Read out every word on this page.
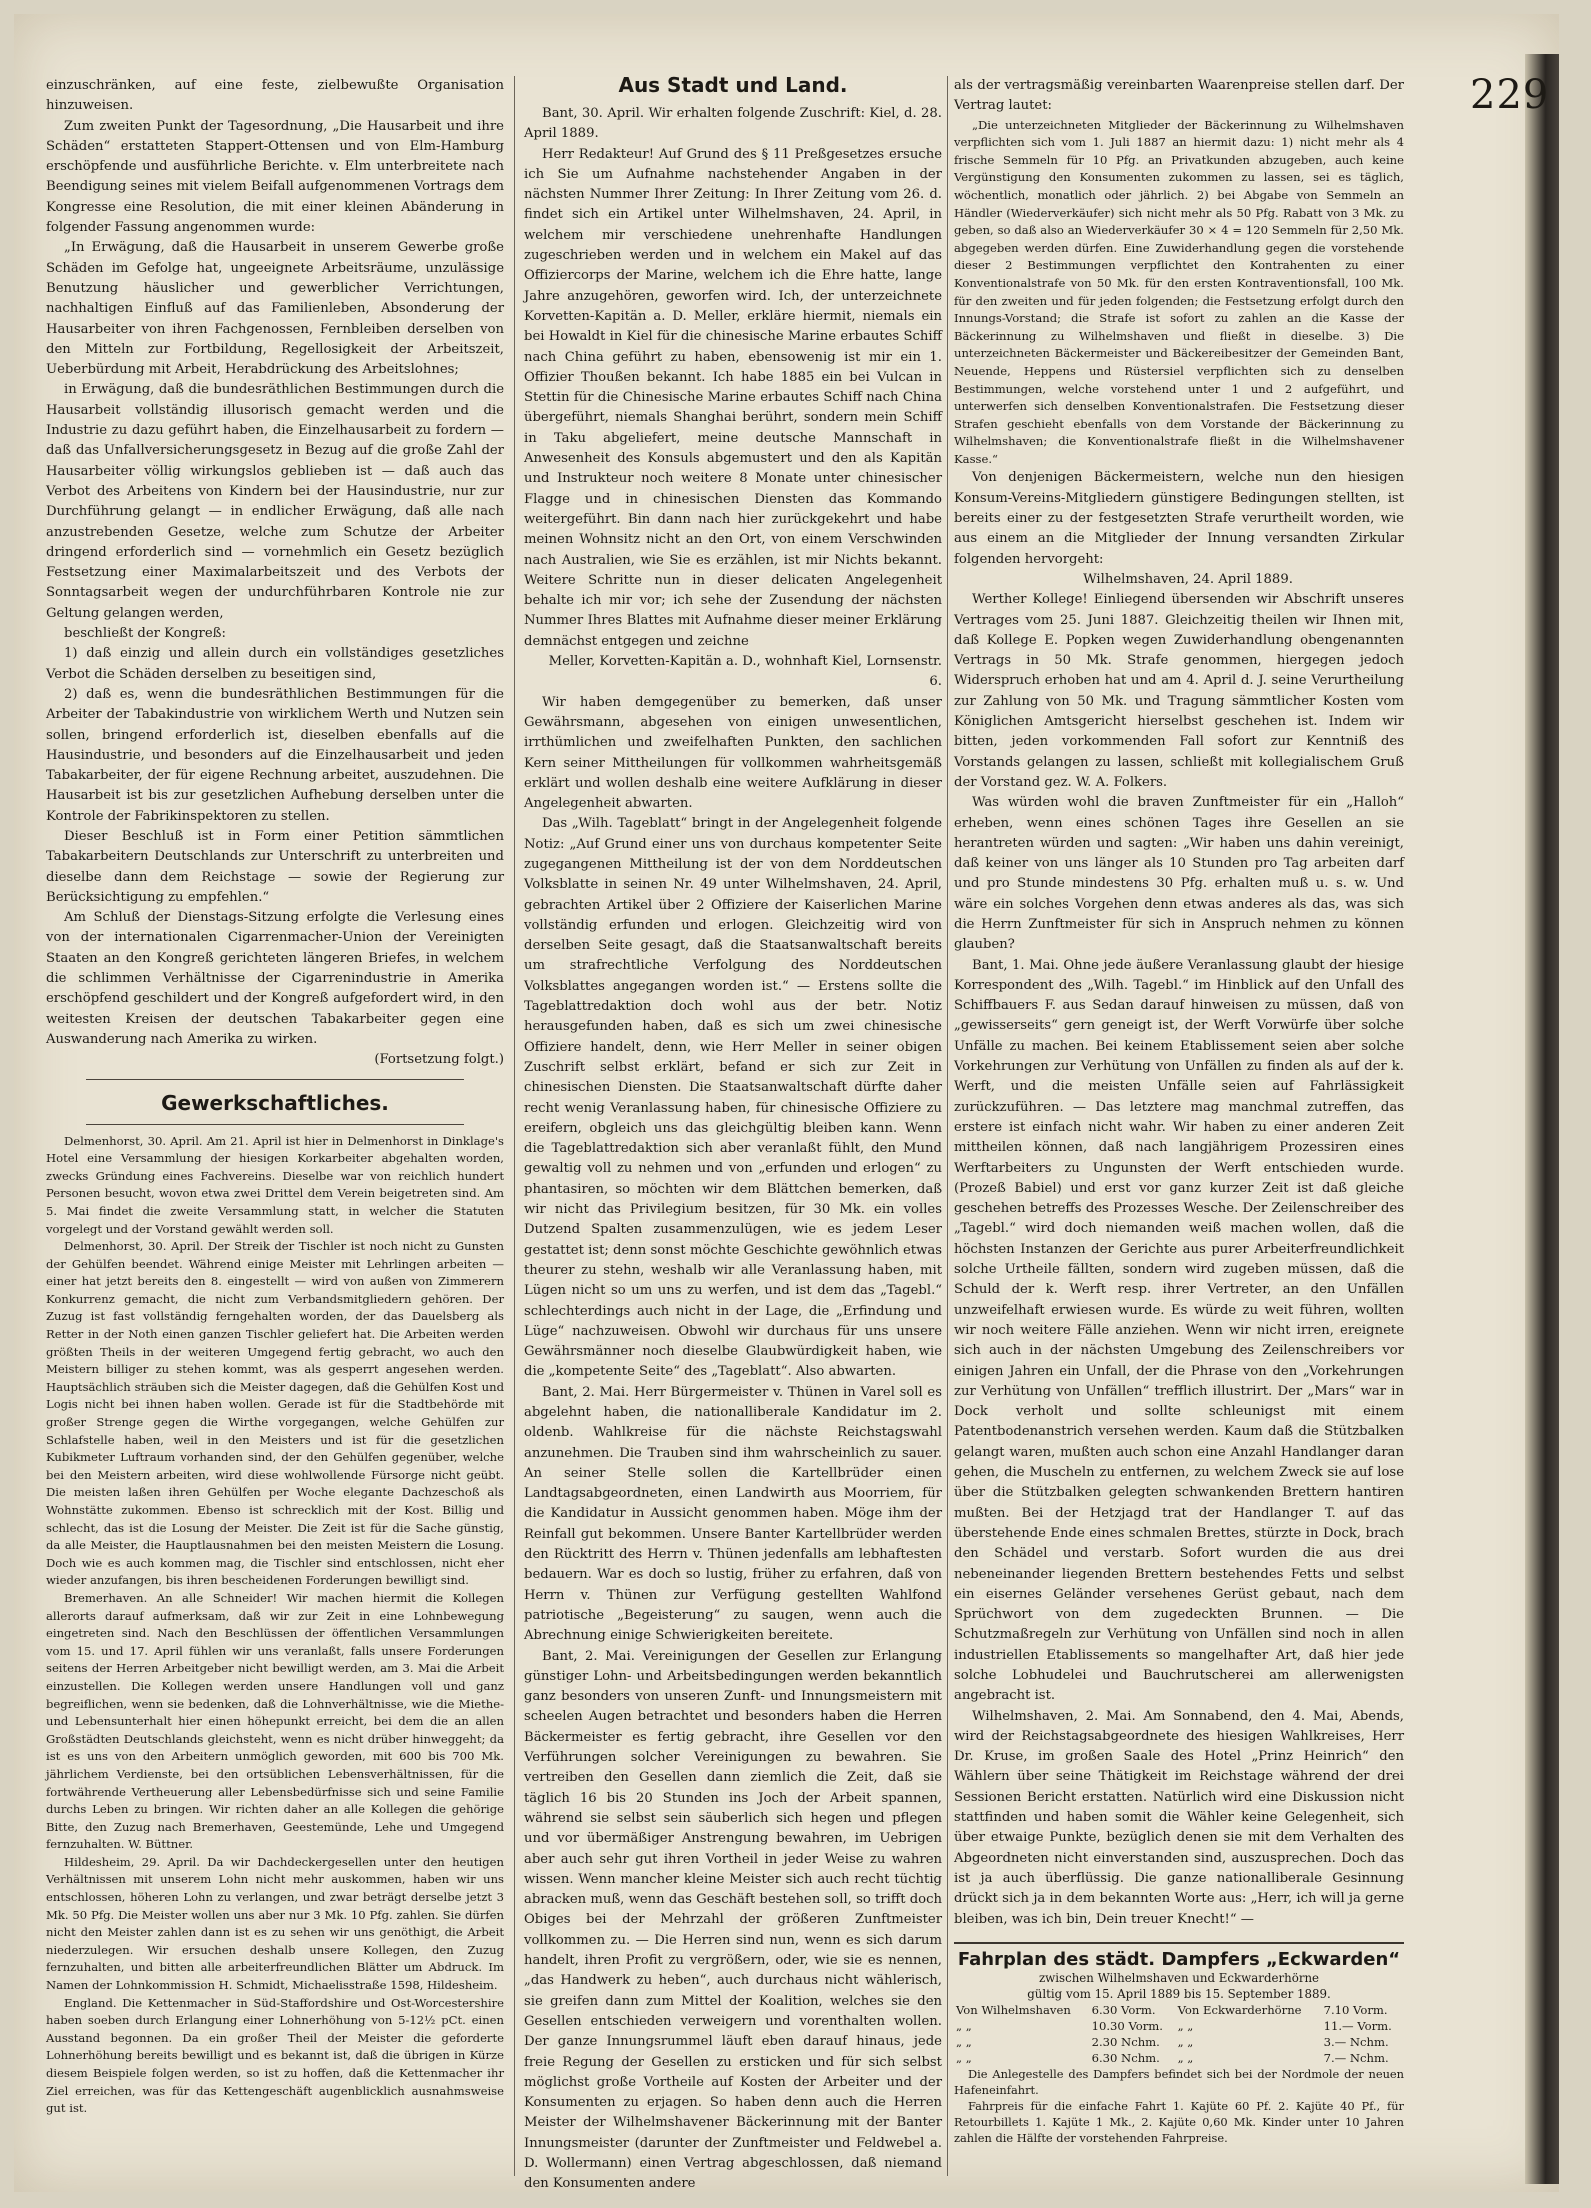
229

einzuschränken, auf eine feste, zielbewußte Organisation hinzuweisen.

Zum zweiten Punkt der Tagesordnung, „Die Hausarbeit und ihre Schäden“ erstatteten Stappert-Ottensen und von Elm-Hamburg erschöpfende und ausführliche Berichte. v. Elm unterbreitete nach Beendigung seines mit vielem Beifall aufgenommenen Vortrags dem Kongresse eine Resolution, die mit einer kleinen Abänderung in folgender Fassung angenommen wurde:

„In Erwägung, daß die Hausarbeit in unserem Gewerbe große Schäden im Gefolge hat, ungeeignete Arbeitsräume, unzulässige Benutzung häuslicher und gewerblicher Verrichtungen, nachhaltigen Einfluß auf das Familienleben, Absonderung der Hausarbeiter von ihren Fachgenossen, Fernbleiben derselben von den Mitteln zur Fortbildung, Regellosigkeit der Arbeitszeit, Ueberbürdung mit Arbeit, Herabdrückung des Arbeitslohnes;

in Erwägung, daß die bundesräthlichen Bestimmungen durch die Hausarbeit vollständig illusorisch gemacht werden und die Industrie zu dazu geführt haben, die Einzelhausarbeit zu fordern — daß das Unfallversicherungsgesetz in Bezug auf die große Zahl der Hausarbeiter völlig wirkungslos geblieben ist — daß auch das Verbot des Arbeitens von Kindern bei der Hausindustrie, nur zur Durchführung gelangt — in endlicher Erwägung, daß alle nach anzustrebenden Gesetze, welche zum Schutze der Arbeiter dringend erforderlich sind — vornehmlich ein Gesetz bezüglich Festsetzung einer Maximalarbeitszeit und des Verbots der Sonntagsarbeit wegen der undurchführbaren Kontrole nie zur Geltung gelangen werden,

beschließt der Kongreß:

1) daß einzig und allein durch ein vollständiges gesetzliches Verbot die Schäden derselben zu beseitigen sind,

2) daß es, wenn die bundesräthlichen Bestimmungen für die Arbeiter der Tabakindustrie von wirklichem Werth und Nutzen sein sollen, bringend erforderlich ist, dieselben ebenfalls auf die Hausindustrie, und besonders auf die Einzelhausarbeit und jeden Tabakarbeiter, der für eigene Rechnung arbeitet, auszudehnen. Die Hausarbeit ist bis zur gesetzlichen Aufhebung derselben unter die Kontrole der Fabrikinspektoren zu stellen.

Dieser Beschluß ist in Form einer Petition sämmtlichen Tabakarbeitern Deutschlands zur Unterschrift zu unterbreiten und dieselbe dann dem Reichstage — sowie der Regierung zur Berücksichtigung zu empfehlen.“

Am Schluß der Dienstags-Sitzung erfolgte die Verlesung eines von der internationalen Cigarrenmacher-Union der Vereinigten Staaten an den Kongreß gerichteten längeren Briefes, in welchem die schlimmen Verhältnisse der Cigarrenindustrie in Amerika erschöpfend geschildert und der Kongreß aufgefordert wird, in den weitesten Kreisen der deutschen Tabakarbeiter gegen eine Auswanderung nach Amerika zu wirken.

(Fortsetzung folgt.)

Gewerkschaftliches.

Delmenhorst, 30. April. Am 21. April ist hier in Delmenhorst in Dinklage's Hotel eine Versammlung der hiesigen Korkarbeiter abgehalten worden, zwecks Gründung eines Fachvereins. Dieselbe war von reichlich hundert Personen besucht, wovon etwa zwei Drittel dem Verein beigetreten sind. Am 5. Mai findet die zweite Versammlung statt, in welcher die Statuten vorgelegt und der Vorstand gewählt werden soll.

Delmenhorst, 30. April. Der Streik der Tischler ist noch nicht zu Gunsten der Gehülfen beendet. Während einige Meister mit Lehrlingen arbeiten — einer hat jetzt bereits den 8. eingestellt — wird von außen von Zimmerern Konkurrenz gemacht, die nicht zum Verbandsmitgliedern gehören. Der Zuzug ist fast vollständig ferngehalten worden, der das Dauelsberg als Retter in der Noth einen ganzen Tischler geliefert hat. Die Arbeiten werden größten Theils in der weiteren Umgegend fertig gebracht, wo auch den Meistern billiger zu stehen kommt, was als gesperrt angesehen werden. Hauptsächlich sträuben sich die Meister dagegen, daß die Gehülfen Kost und Logis nicht bei ihnen haben wollen. Gerade ist für die Stadtbehörde mit großer Strenge gegen die Wirthe vorgegangen, welche Gehülfen zur Schlafstelle haben, weil in den Meisters und ist für die gesetzlichen Kubikmeter Luftraum vorhanden sind, der den Gehülfen gegenüber, welche bei den Meistern arbeiten, wird diese wohlwollende Fürsorge nicht geübt. Die meisten laßen ihren Gehülfen per Woche elegante Dachzeschoß als Wohnstätte zukommen. Ebenso ist schrecklich mit der Kost. Billig und schlecht, das ist die Losung der Meister. Die Zeit ist für die Sache günstig, da alle Meister, die Hauptlausnahmen bei den meisten Meistern die Losung. Doch wie es auch kommen mag, die Tischler sind entschlossen, nicht eher wieder anzufangen, bis ihren bescheidenen Forderungen bewilligt sind.

Bremerhaven. An alle Schneider! Wir machen hiermit die Kollegen allerorts darauf aufmerksam, daß wir zur Zeit in eine Lohnbewegung eingetreten sind. Nach den Beschlüssen der öffentlichen Versammlungen vom 15. und 17. April fühlen wir uns veranlaßt, falls unsere Forderungen seitens der Herren Arbeitgeber nicht bewilligt werden, am 3. Mai die Arbeit einzustellen. Die Kollegen werden unsere Handlungen voll und ganz begreiflichen, wenn sie bedenken, daß die Lohnverhältnisse, wie die Miethe- und Lebensunterhalt hier einen höhepunkt erreicht, bei dem die an allen Großstädten Deutschlands gleichsteht, wenn es nicht drüber hinweggeht; da ist es uns von den Arbeitern unmöglich geworden, mit 600 bis 700 Mk. jährlichem Verdienste, bei den ortsüblichen Lebensverhältnissen, für die fortwährende Vertheuerung aller Lebensbedürfnisse sich und seine Familie durchs Leben zu bringen. Wir richten daher an alle Kollegen die gehörige Bitte, den Zuzug nach Bremerhaven, Geestemünde, Lehe und Umgegend fernzuhalten. W. Büttner.

Hildesheim, 29. April. Da wir Dachdeckergesellen unter den heutigen Verhältnissen mit unserem Lohn nicht mehr auskommen, haben wir uns entschlossen, höheren Lohn zu verlangen, und zwar beträgt derselbe jetzt 3 Mk. 50 Pfg. Die Meister wollen uns aber nur 3 Mk. 10 Pfg. zahlen. Sie dürfen nicht den Meister zahlen dann ist es zu sehen wir uns genöthigt, die Arbeit niederzulegen. Wir ersuchen deshalb unsere Kollegen, den Zuzug fernzuhalten, und bitten alle arbeiterfreundlichen Blätter um Abdruck. Im Namen der Lohnkommission H. Schmidt, Michaelisstraße 1598, Hildesheim.

England. Die Kettenmacher in Süd-Staffordshire und Ost-Worcestershire haben soeben durch Erlangung einer Lohnerhöhung von 5-12½ pCt. einen Ausstand begonnen. Da ein großer Theil der Meister die geforderte Lohnerhöhung bereits bewilligt und es bekannt ist, daß die übrigen in Kürze diesem Beispiele folgen werden, so ist zu hoffen, daß die Kettenmacher ihr Ziel erreichen, was für das Kettengeschäft augenblicklich ausnahmsweise gut ist.

Aus Stadt und Land.

Bant, 30. April. Wir erhalten folgende Zuschrift: Kiel, d. 28. April 1889.

Herr Redakteur! Auf Grund des § 11 Preßgesetzes ersuche ich Sie um Aufnahme nachstehender Angaben in der nächsten Nummer Ihrer Zeitung: In Ihrer Zeitung vom 26. d. findet sich ein Artikel unter Wilhelmshaven, 24. April, in welchem mir verschiedene unehrenhafte Handlungen zugeschrieben werden und in welchem ein Makel auf das Offiziercorps der Marine, welchem ich die Ehre hatte, lange Jahre anzugehören, geworfen wird. Ich, der unterzeichnete Korvetten-Kapitän a. D. Meller, erkläre hiermit, niemals ein bei Howaldt in Kiel für die chinesische Marine erbautes Schiff nach China geführt zu haben, ebensowenig ist mir ein 1. Offizier Thoußen bekannt. Ich habe 1885 ein bei Vulcan in Stettin für die Chinesische Marine erbautes Schiff nach China übergeführt, niemals Shanghai berührt, sondern mein Schiff in Taku abgeliefert, meine deutsche Mannschaft in Anwesenheit des Konsuls abgemustert und den als Kapitän und Instrukteur noch weitere 8 Monate unter chinesischer Flagge und in chinesischen Diensten das Kommando weitergeführt. Bin dann nach hier zurückgekehrt und habe meinen Wohnsitz nicht an den Ort, von einem Verschwinden nach Australien, wie Sie es erzählen, ist mir Nichts bekannt. Weitere Schritte nun in dieser delicaten Angelegenheit behalte ich mir vor; ich sehe der Zusendung der nächsten Nummer Ihres Blattes mit Aufnahme dieser meiner Erklärung demnächst entgegen und zeichne

Meller, Korvetten-Kapitän a. D., wohnhaft Kiel, Lornsenstr. 6.

Wir haben demgegenüber zu bemerken, daß unser Gewährsmann, abgesehen von einigen unwesentlichen, irrthümlichen und zweifelhaften Punkten, den sachlichen Kern seiner Mittheilungen für vollkommen wahrheitsgemäß erklärt und wollen deshalb eine weitere Aufklärung in dieser Angelegenheit abwarten.

Das „Wilh. Tageblatt“ bringt in der Angelegenheit folgende Notiz: „Auf Grund einer uns von durchaus kompetenter Seite zugegangenen Mittheilung ist der von dem Norddeutschen Volksblatte in seinen Nr. 49 unter Wilhelmshaven, 24. April, gebrachten Artikel über 2 Offiziere der Kaiserlichen Marine vollständig erfunden und erlogen. Gleichzeitig wird von derselben Seite gesagt, daß die Staatsanwaltschaft bereits um strafrechtliche Verfolgung des Norddeutschen Volksblattes angegangen worden ist.“ — Erstens sollte die Tageblattredaktion doch wohl aus der betr. Notiz herausgefunden haben, daß es sich um zwei chinesische Offiziere handelt, denn, wie Herr Meller in seiner obigen Zuschrift selbst erklärt, befand er sich zur Zeit in chinesischen Diensten. Die Staatsanwaltschaft dürfte daher recht wenig Veranlassung haben, für chinesische Offiziere zu ereifern, obgleich uns das gleichgültig bleiben kann. Wenn die Tageblattredaktion sich aber veranlaßt fühlt, den Mund gewaltig voll zu nehmen und von „erfunden und erlogen“ zu phantasiren, so möchten wir dem Blättchen bemerken, daß wir nicht das Privilegium besitzen, für 30 Mk. ein volles Dutzend Spalten zusammenzulügen, wie es jedem Leser gestattet ist; denn sonst möchte Geschichte gewöhnlich etwas theurer zu stehn, weshalb wir alle Veranlassung haben, mit Lügen nicht so um uns zu werfen, und ist dem das „Tagebl.“ schlechterdings auch nicht in der Lage, die „Erfindung und Lüge“ nachzuweisen. Obwohl wir durchaus für uns unsere Gewährsmänner noch dieselbe Glaubwürdigkeit haben, wie die „kompetente Seite“ des „Tageblatt“. Also abwarten.

Bant, 2. Mai. Herr Bürgermeister v. Thünen in Varel soll es abgelehnt haben, die nationalliberale Kandidatur im 2. oldenb. Wahlkreise für die nächste Reichstagswahl anzunehmen. Die Trauben sind ihm wahrscheinlich zu sauer. An seiner Stelle sollen die Kartellbrüder einen Landtagsabgeordneten, einen Landwirth aus Moorriem, für die Kandidatur in Aussicht genommen haben. Möge ihm der Reinfall gut bekommen. Unsere Banter Kartellbrüder werden den Rücktritt des Herrn v. Thünen jedenfalls am lebhaftesten bedauern. War es doch so lustig, früher zu erfahren, daß von Herrn v. Thünen zur Verfügung gestellten Wahlfond patriotische „Begeisterung“ zu saugen, wenn auch die Abrechnung einige Schwierigkeiten bereitete.

Bant, 2. Mai. Vereinigungen der Gesellen zur Erlangung günstiger Lohn- und Arbeitsbedingungen werden bekanntlich ganz besonders von unseren Zunft- und Innungsmeistern mit scheelen Augen betrachtet und besonders haben die Herren Bäckermeister es fertig gebracht, ihre Gesellen vor den Verführungen solcher Vereinigungen zu bewahren. Sie vertreiben den Gesellen dann ziemlich die Zeit, daß sie täglich 16 bis 20 Stunden ins Joch der Arbeit spannen, während sie selbst sein säuberlich sich hegen und pflegen und vor übermäßiger Anstrengung bewahren, im Uebrigen aber auch sehr gut ihren Vortheil in jeder Weise zu wahren wissen. Wenn mancher kleine Meister sich auch recht tüchtig abracken muß, wenn das Geschäft bestehen soll, so trifft doch Obiges bei der Mehrzahl der größeren Zunftmeister vollkommen zu. — Die Herren sind nun, wenn es sich darum handelt, ihren Profit zu vergrößern, oder, wie sie es nennen, „das Handwerk zu heben“, auch durchaus nicht wählerisch, sie greifen dann zum Mittel der Koalition, welches sie den Gesellen entschieden verweigern und vorenthalten wollen. Der ganze Innungsrummel läuft eben darauf hinaus, jede freie Regung der Gesellen zu ersticken und für sich selbst möglichst große Vortheile auf Kosten der Arbeiter und der Konsumenten zu erjagen. So haben denn auch die Herren Meister der Wilhelmshavener Bäckerinnung mit der Banter Innungsmeister (darunter der Zunftmeister und Feldwebel a. D. Wollermann) einen Vertrag abgeschlossen, daß niemand den Konsumenten andere

als der vertragsmäßig vereinbarten Waarenpreise stellen darf. Der Vertrag lautet:

„Die unterzeichneten Mitglieder der Bäckerinnung zu Wilhelmshaven verpflichten sich vom 1. Juli 1887 an hiermit dazu: 1) nicht mehr als 4 frische Semmeln für 10 Pfg. an Privatkunden abzugeben, auch keine Vergünstigung den Konsumenten zukommen zu lassen, sei es täglich, wöchentlich, monatlich oder jährlich. 2) bei Abgabe von Semmeln an Händler (Wiederverkäufer) sich nicht mehr als 50 Pfg. Rabatt von 3 Mk. zu geben, so daß also an Wiederverkäufer 30 × 4 = 120 Semmeln für 2,50 Mk. abgegeben werden dürfen. Eine Zuwiderhandlung gegen die vorstehende dieser 2 Bestimmungen verpflichtet den Kontrahenten zu einer Konventionalstrafe von 50 Mk. für den ersten Kontraventionsfall, 100 Mk. für den zweiten und für jeden folgenden; die Festsetzung erfolgt durch den Innungs-Vorstand; die Strafe ist sofort zu zahlen an die Kasse der Bäckerinnung zu Wilhelmshaven und fließt in dieselbe. 3) Die unterzeichneten Bäckermeister und Bäckereibesitzer der Gemeinden Bant, Neuende, Heppens und Rüstersiel verpflichten sich zu denselben Bestimmungen, welche vorstehend unter 1 und 2 aufgeführt, und unterwerfen sich denselben Konventionalstrafen. Die Festsetzung dieser Strafen geschieht ebenfalls von dem Vorstande der Bäckerinnung zu Wilhelmshaven; die Konventionalstrafe fließt in die Wilhelmshavener Kasse.“

Von denjenigen Bäckermeistern, welche nun den hiesigen Konsum-Vereins-Mitgliedern günstigere Bedingungen stellten, ist bereits einer zu der festgesetzten Strafe verurtheilt worden, wie aus einem an die Mitglieder der Innung versandten Zirkular folgenden hervorgeht:

Wilhelmshaven, 24. April 1889.

Werther Kollege! Einliegend übersenden wir Abschrift unseres Vertrages vom 25. Juni 1887. Gleichzeitig theilen wir Ihnen mit, daß Kollege E. Popken wegen Zuwiderhandlung obengenannten Vertrags in 50 Mk. Strafe genommen, hiergegen jedoch Widerspruch erhoben hat und am 4. April d. J. seine Verurtheilung zur Zahlung von 50 Mk. und Tragung sämmtlicher Kosten vom Königlichen Amtsgericht hierselbst geschehen ist. Indem wir bitten, jeden vorkommenden Fall sofort zur Kenntniß des Vorstands gelangen zu lassen, schließt mit kollegialischem Gruß der Vorstand gez. W. A. Folkers.

Was würden wohl die braven Zunftmeister für ein „Halloh“ erheben, wenn eines schönen Tages ihre Gesellen an sie herantreten würden und sagten: „Wir haben uns dahin vereinigt, daß keiner von uns länger als 10 Stunden pro Tag arbeiten darf und pro Stunde mindestens 30 Pfg. erhalten muß u. s. w. Und wäre ein solches Vorgehen denn etwas anderes als das, was sich die Herrn Zunftmeister für sich in Anspruch nehmen zu können glauben?

Bant, 1. Mai. Ohne jede äußere Veranlassung glaubt der hiesige Korrespondent des „Wilh. Tagebl.“ im Hinblick auf den Unfall des Schiffbauers F. aus Sedan darauf hinweisen zu müssen, daß von „gewisserseits“ gern geneigt ist, der Werft Vorwürfe über solche Unfälle zu machen. Bei keinem Etablissement seien aber solche Vorkehrungen zur Verhütung von Unfällen zu finden als auf der k. Werft, und die meisten Unfälle seien auf Fahrlässigkeit zurückzuführen. — Das letztere mag manchmal zutreffen, das erstere ist einfach nicht wahr. Wir haben zu einer anderen Zeit mittheilen können, daß nach langjährigem Prozessiren eines Werftarbeiters zu Ungunsten der Werft entschieden wurde. (Prozeß Babiel) und erst vor ganz kurzer Zeit ist daß gleiche geschehen betreffs des Prozesses Wesche. Der Zeilenschreiber des „Tagebl.“ wird doch niemanden weiß machen wollen, daß die höchsten Instanzen der Gerichte aus purer Arbeiterfreundlichkeit solche Urtheile fällten, sondern wird zugeben müssen, daß die Schuld der k. Werft resp. ihrer Vertreter, an den Unfällen unzweifelhaft erwiesen wurde. Es würde zu weit führen, wollten wir noch weitere Fälle anziehen. Wenn wir nicht irren, ereignete sich auch in der nächsten Umgebung des Zeilenschreibers vor einigen Jahren ein Unfall, der die Phrase von den „Vorkehrungen zur Verhütung von Unfällen“ trefflich illustrirt. Der „Mars“ war in Dock verholt und sollte schleunigst mit einem Patentbodenanstrich versehen werden. Kaum daß die Stützbalken gelangt waren, mußten auch schon eine Anzahl Handlanger daran gehen, die Muscheln zu entfernen, zu welchem Zweck sie auf lose über die Stützbalken gelegten schwankenden Brettern hantiren mußten. Bei der Hetzjagd trat der Handlanger T. auf das überstehende Ende eines schmalen Brettes, stürzte in Dock, brach den Schädel und verstarb. Sofort wurden die aus drei nebeneinander liegenden Brettern bestehendes Fetts und selbst ein eisernes Geländer versehenes Gerüst gebaut, nach dem Sprüchwort von dem zugedeckten Brunnen. — Die Schutzmaßregeln zur Verhütung von Unfällen sind noch in allen industriellen Etablissements so mangelhafter Art, daß hier jede solche Lobhudelei und Bauchrutscherei am allerwenigsten angebracht ist.

Wilhelmshaven, 2. Mai. Am Sonnabend, den 4. Mai, Abends, wird der Reichstagsabgeordnete des hiesigen Wahlkreises, Herr Dr. Kruse, im großen Saale des Hotel „Prinz Heinrich“ den Wählern über seine Thätigkeit im Reichstage während der drei Sessionen Bericht erstatten. Natürlich wird eine Diskussion nicht stattfinden und haben somit die Wähler keine Gelegenheit, sich über etwaige Punkte, bezüglich denen sie mit dem Verhalten des Abgeordneten nicht einverstanden sind, auszusprechen. Doch das ist ja auch überflüssig. Die ganze nationalliberale Gesinnung drückt sich ja in dem bekannten Worte aus: „Herr, ich will ja gerne bleiben, was ich bin, Dein treuer Knecht!“ —

Fahrplan des städt. Dampfers „Eckwarden“
zwischen Wilhelmshaven und Eckwarderhörne
gültig vom 15. April 1889 bis 15. September 1889.
Von Wilhelmshaven	6.30 Vorm.	Von Eckwarderhörne	7.10 Vorm.
„ „	10.30 Vorm.	„ „	11.— Vorm.
„ „	2.30 Nchm.	„ „	3.— Nchm.
„ „	6.30 Nchm.	„ „	7.— Nchm.

Die Anlegestelle des Dampfers befindet sich bei der Nordmole der neuen Hafeneinfahrt.

Fahrpreis für die einfache Fahrt 1. Kajüte 60 Pf. 2. Kajüte 40 Pf., für Retourbillets 1. Kajüte 1 Mk., 2. Kajüte 0,60 Mk. Kinder unter 10 Jahren zahlen die Hälfte der vorstehenden Fahrpreise.
